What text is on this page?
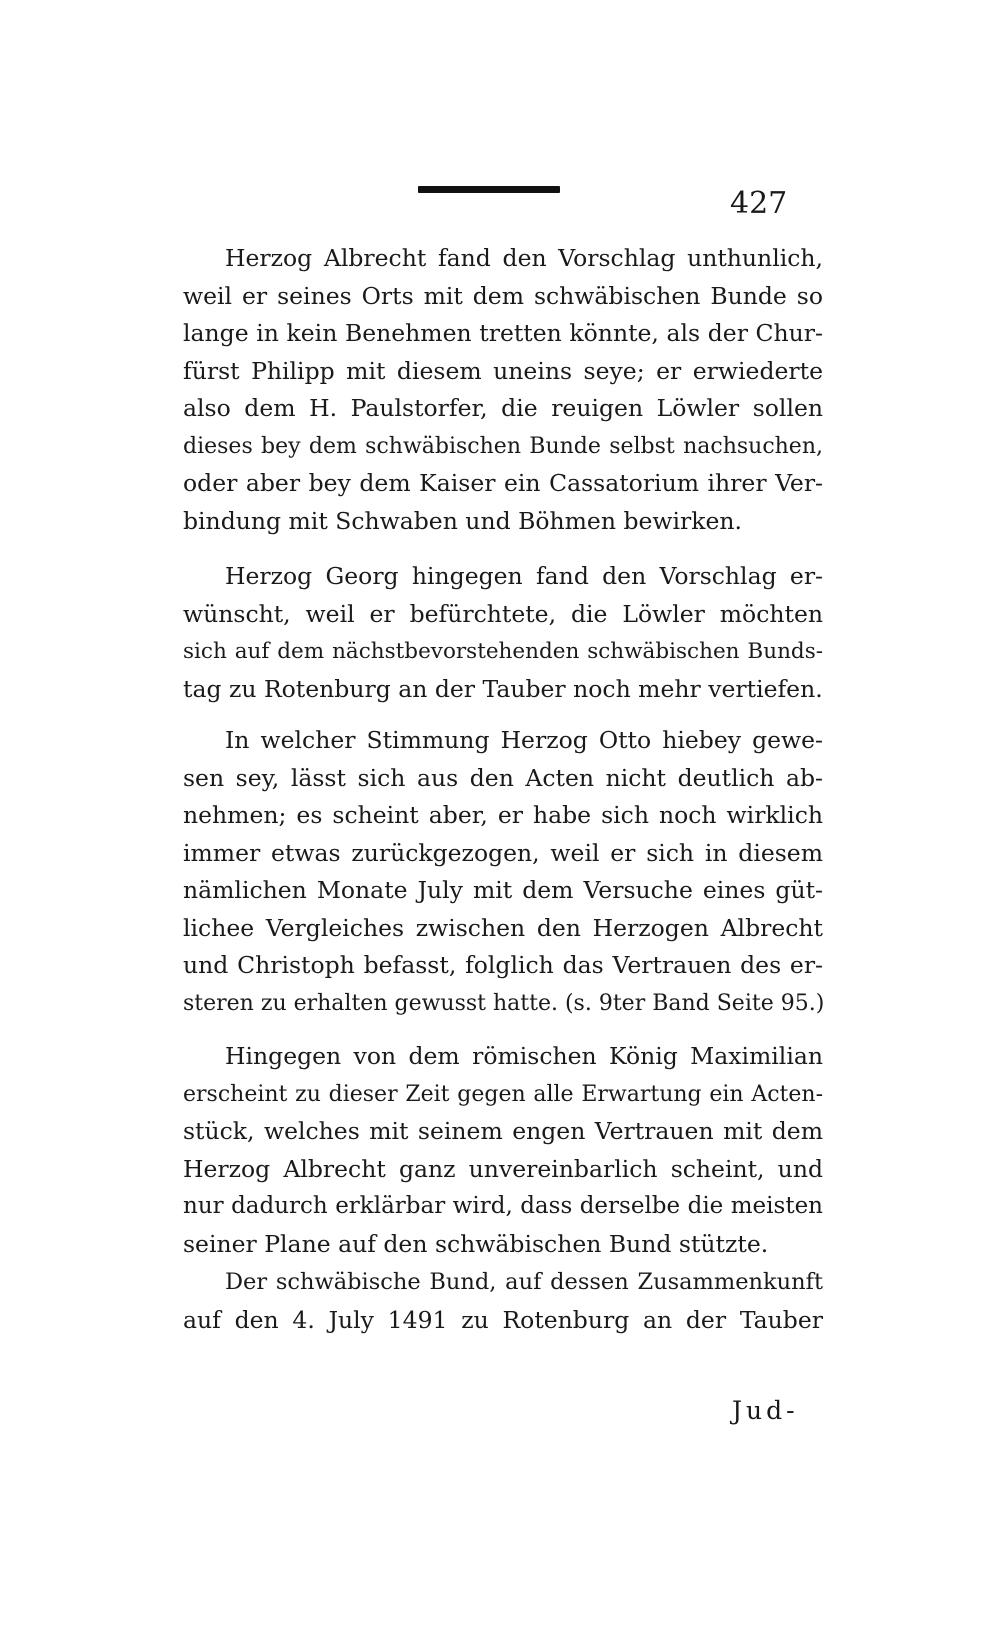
427
Herzog Albrecht fand den Vorschlag unthunlich,
weil er seines Orts mit dem schwäbischen Bunde so
lange in kein Benehmen tretten könnte, als der Chur-
fürst Philipp mit diesem uneins seye; er erwiederte
also dem H. Paulstorfer, die reuigen Löwler sollen
dieses bey dem schwäbischen Bunde selbst nachsuchen,
oder aber bey dem Kaiser ein Cassatorium ihrer Ver-
bindung mit Schwaben und Böhmen bewirken.
Herzog Georg hingegen fand den Vorschlag er-
wünscht, weil er befürchtete, die Löwler möchten
sich auf dem nächstbevorstehenden schwäbischen Bunds-
tag zu Rotenburg an der Tauber noch mehr vertiefen.
In welcher Stimmung Herzog Otto hiebey gewe-
sen sey, lässt sich aus den Acten nicht deutlich ab-
nehmen; es scheint aber, er habe sich noch wirklich
immer etwas zurückgezogen, weil er sich in diesem
nämlichen Monate July mit dem Versuche eines güt-
lichee Vergleiches zwischen den Herzogen Albrecht
und Christoph befasst, folglich das Vertrauen des er-
steren zu erhalten gewusst hatte. (s. 9ter Band Seite 95.)
Hingegen von dem römischen König Maximilian
erscheint zu dieser Zeit gegen alle Erwartung ein Acten-
stück, welches mit seinem engen Vertrauen mit dem
Herzog Albrecht ganz unvereinbarlich scheint, und
nur dadurch erklärbar wird, dass derselbe die meisten
seiner Plane auf den schwäbischen Bund stützte.
Der schwäbische Bund, auf dessen Zusammenkunft
auf den 4. July 1491 zu Rotenburg an der Tauber
Jud-
